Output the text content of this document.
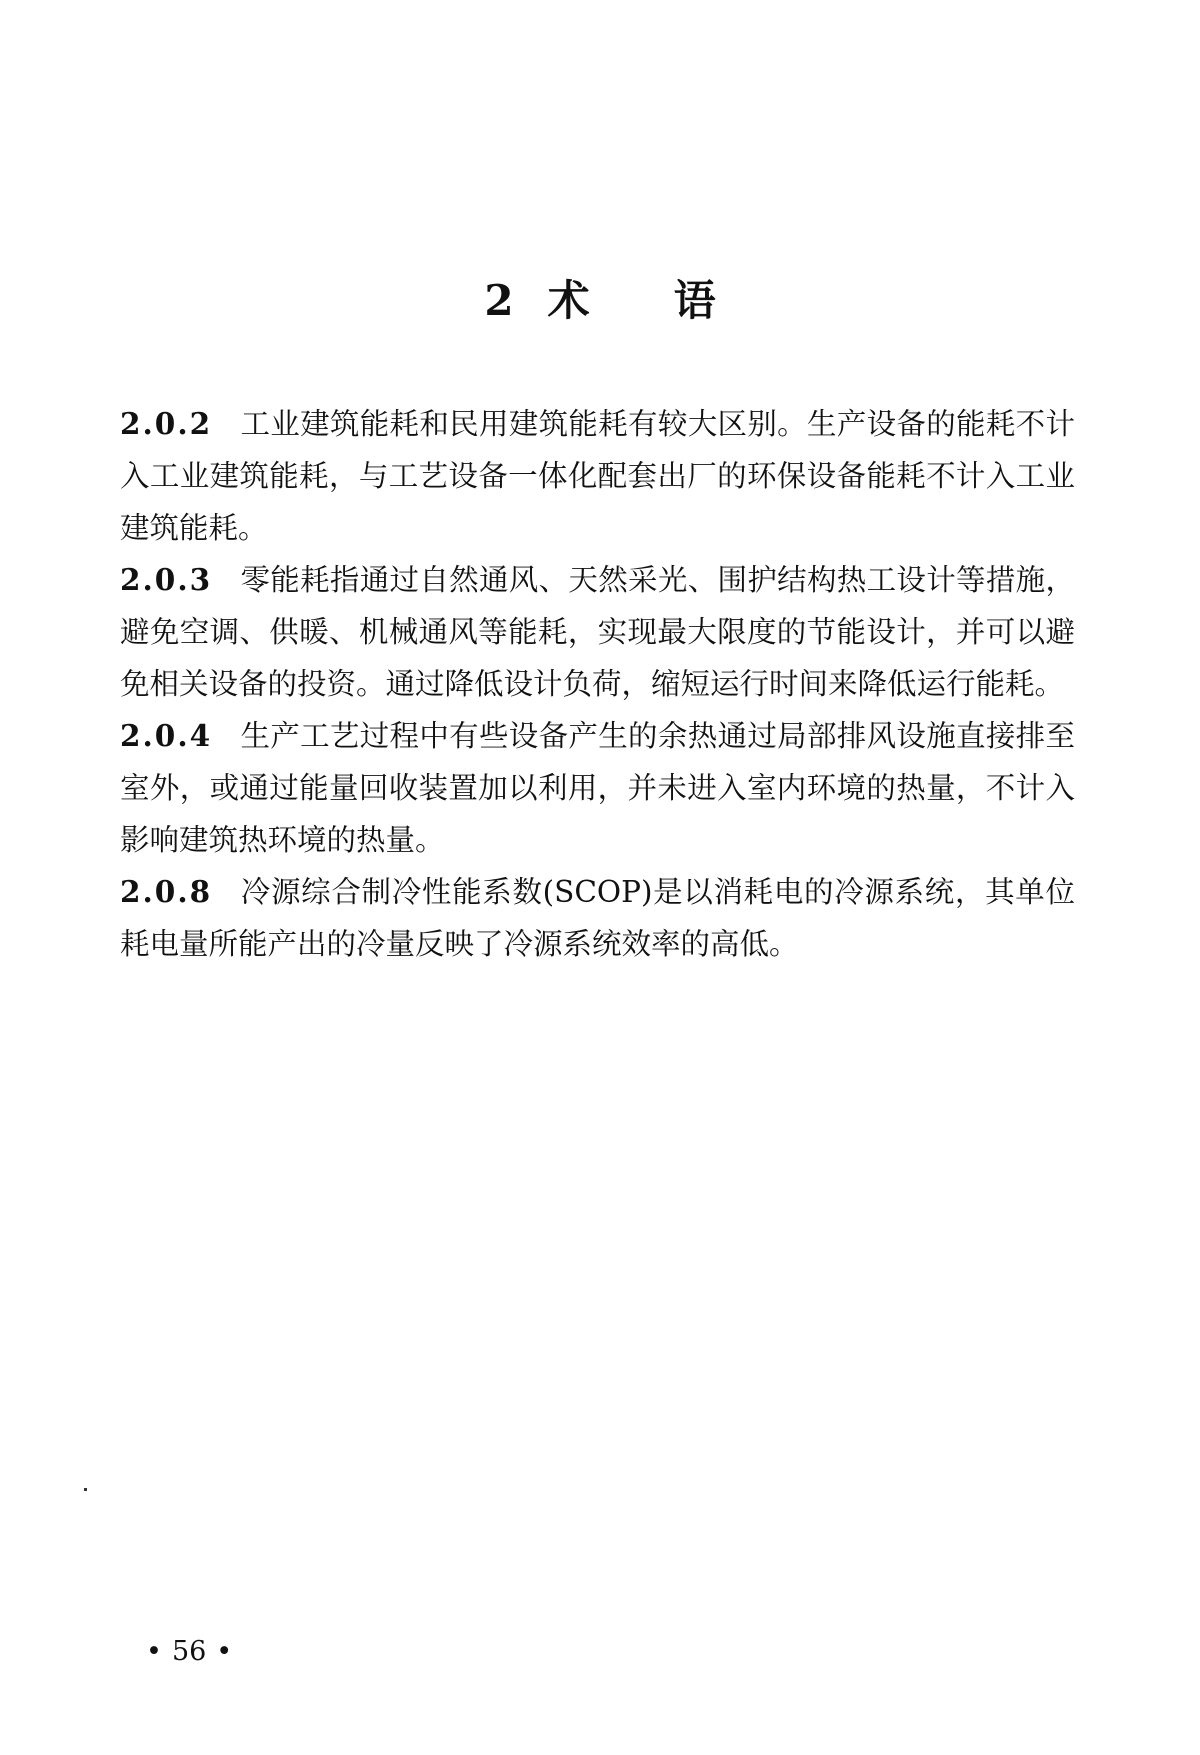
2 术 语

2.0.2 工业建筑能耗和民用建筑能耗有较大区别。生产设备的能耗不计入工业建筑能耗，与工艺设备一体化配套出厂的环保设备能耗不计入工业建筑能耗。

2.0.3 零能耗指通过自然通风、天然采光、围护结构热工设计等措施，避免空调、供暖、机械通风等能耗，实现最大限度的节能设计，并可以避免相关设备的投资。通过降低设计负荷，缩短运行时间来降低运行能耗。

2.0.4 生产工艺过程中有些设备产生的余热通过局部排风设施直接排至室外，或通过能量回收装置加以利用，并未进入室内环境的热量，不计入影响建筑热环境的热量。

2.0.8 冷源综合制冷性能系数(SCOP)是以消耗电的冷源系统，其单位耗电量所能产出的冷量反映了冷源系统效率的高低。

• 56 •
